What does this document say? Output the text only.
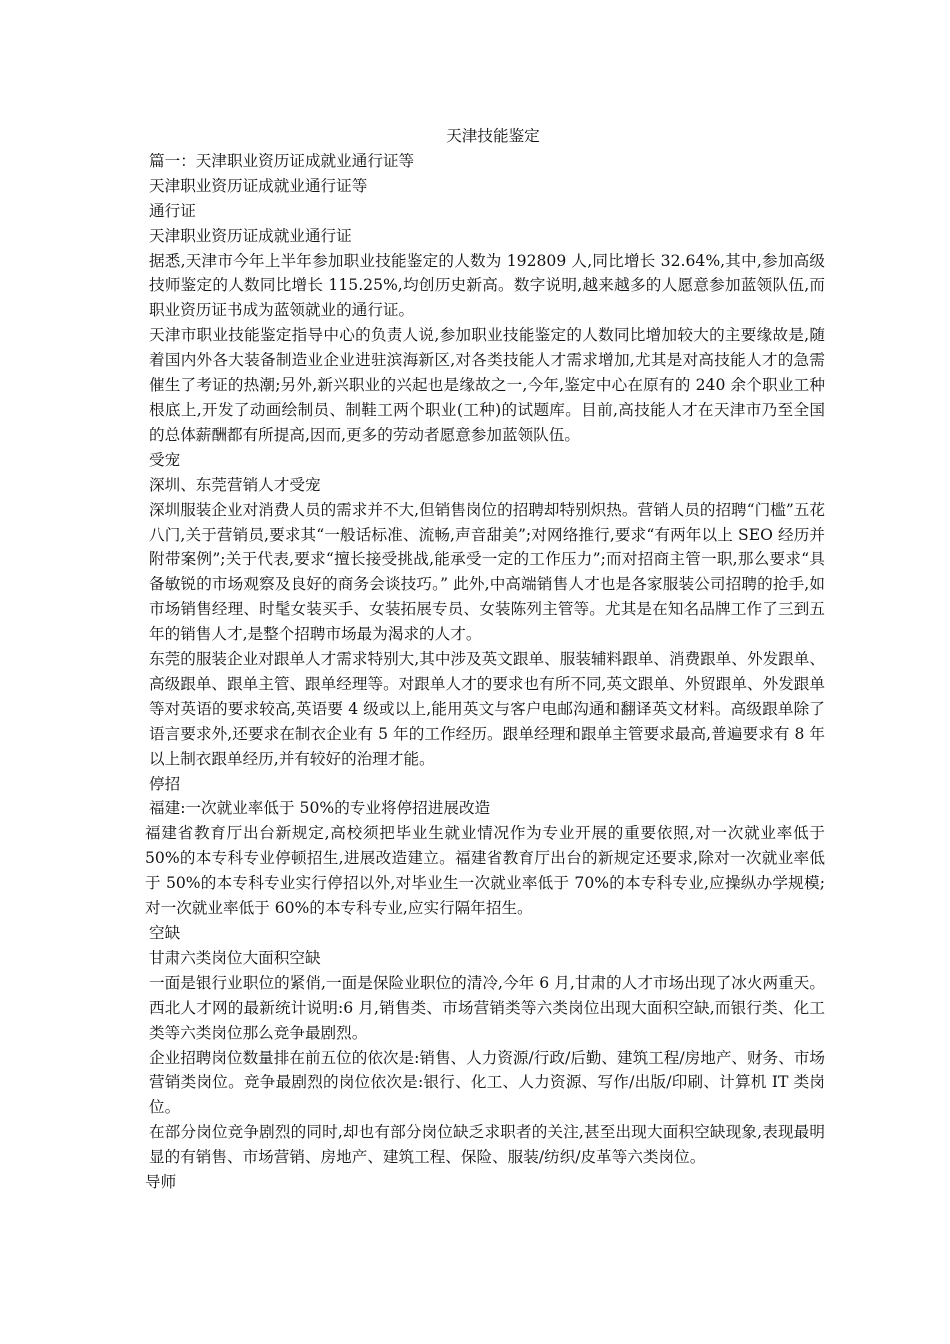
天津技能鉴定

篇一：天津职业资历证成就业通行证等

天津职业资历证成就业通行证等

通行证

天津职业资历证成就业通行证

据悉,天津市今年上半年参加职业技能鉴定的人数为 192809 人,同比增长 32.64%,其中,参加高级技师鉴定的人数同比增长 115.25%,均创历史新高。数字说明,越来越多的人愿意参加蓝领队伍,而职业资历证书成为蓝领就业的通行证。

天津市职业技能鉴定指导中心的负责人说,参加职业技能鉴定的人数同比增加较大的主要缘故是,随着国内外各大装备制造业企业进驻滨海新区,对各类技能人才需求增加,尤其是对高技能人才的急需催生了考证的热潮;另外,新兴职业的兴起也是缘故之一,今年,鉴定中心在原有的 240 余个职业工种根底上,开发了动画绘制员、制鞋工两个职业(工种)的试题库。目前,高技能人才在天津市乃至全国的总体薪酬都有所提高,因而,更多的劳动者愿意参加蓝领队伍。

受宠

深圳、东莞营销人才受宠

深圳服装企业对消费人员的需求并不大,但销售岗位的招聘却特别炽热。营销人员的招聘“门槛”五花八门,关于营销员,要求其“一般话标准、流畅,声音甜美”;对网络推行,要求“有两年以上 SEO 经历并附带案例”;关于代表,要求“擅长接受挑战,能承受一定的工作压力”;而对招商主管一职,那么要求“具备敏锐的市场观察及良好的商务会谈技巧。” 此外,中高端销售人才也是各家服装公司招聘的抢手,如市场销售经理、时髦女装买手、女装拓展专员、女装陈列主管等。尤其是在知名品牌工作了三到五年的销售人才,是整个招聘市场最为渴求的人才。

东莞的服装企业对跟单人才需求特别大,其中涉及英文跟单、服装辅料跟单、消费跟单、外发跟单、高级跟单、跟单主管、跟单经理等。对跟单人才的要求也有所不同,英文跟单、外贸跟单、外发跟单等对英语的要求较高,英语要 4 级或以上,能用英文与客户电邮沟通和翻译英文材料。高级跟单除了语言要求外,还要求在制衣企业有 5 年的工作经历。跟单经理和跟单主管要求最高,普遍要求有 8 年以上制衣跟单经历,并有较好的治理才能。

停招

福建:一次就业率低于 50%的专业将停招进展改造

福建省教育厅出台新规定,高校须把毕业生就业情况作为专业开展的重要依照,对一次就业率低于 50%的本专科专业停顿招生,进展改造建立。福建省教育厅出台的新规定还要求,除对一次就业率低于 50%的本专科专业实行停招以外,对毕业生一次就业率低于 70%的本专科专业,应操纵办学规模;对一次就业率低于 60%的本专科专业,应实行隔年招生。

空缺

甘肃六类岗位大面积空缺

一面是银行业职位的紧俏,一面是保险业职位的清冷,今年 6 月,甘肃的人才市场出现了冰火两重天。西北人才网的最新统计说明:6 月,销售类、市场营销类等六类岗位出现大面积空缺,而银行类、化工类等六类岗位那么竞争最剧烈。

企业招聘岗位数量排在前五位的依次是:销售、人力资源/行政/后勤、建筑工程/房地产、财务、市场营销类岗位。竞争最剧烈的岗位依次是:银行、化工、人力资源、写作/出版/印刷、计算机 IT 类岗位。

在部分岗位竞争剧烈的同时,却也有部分岗位缺乏求职者的关注,甚至出现大面积空缺现象,表现最明显的有销售、市场营销、房地产、建筑工程、保险、服装/纺织/皮革等六类岗位。

导师
